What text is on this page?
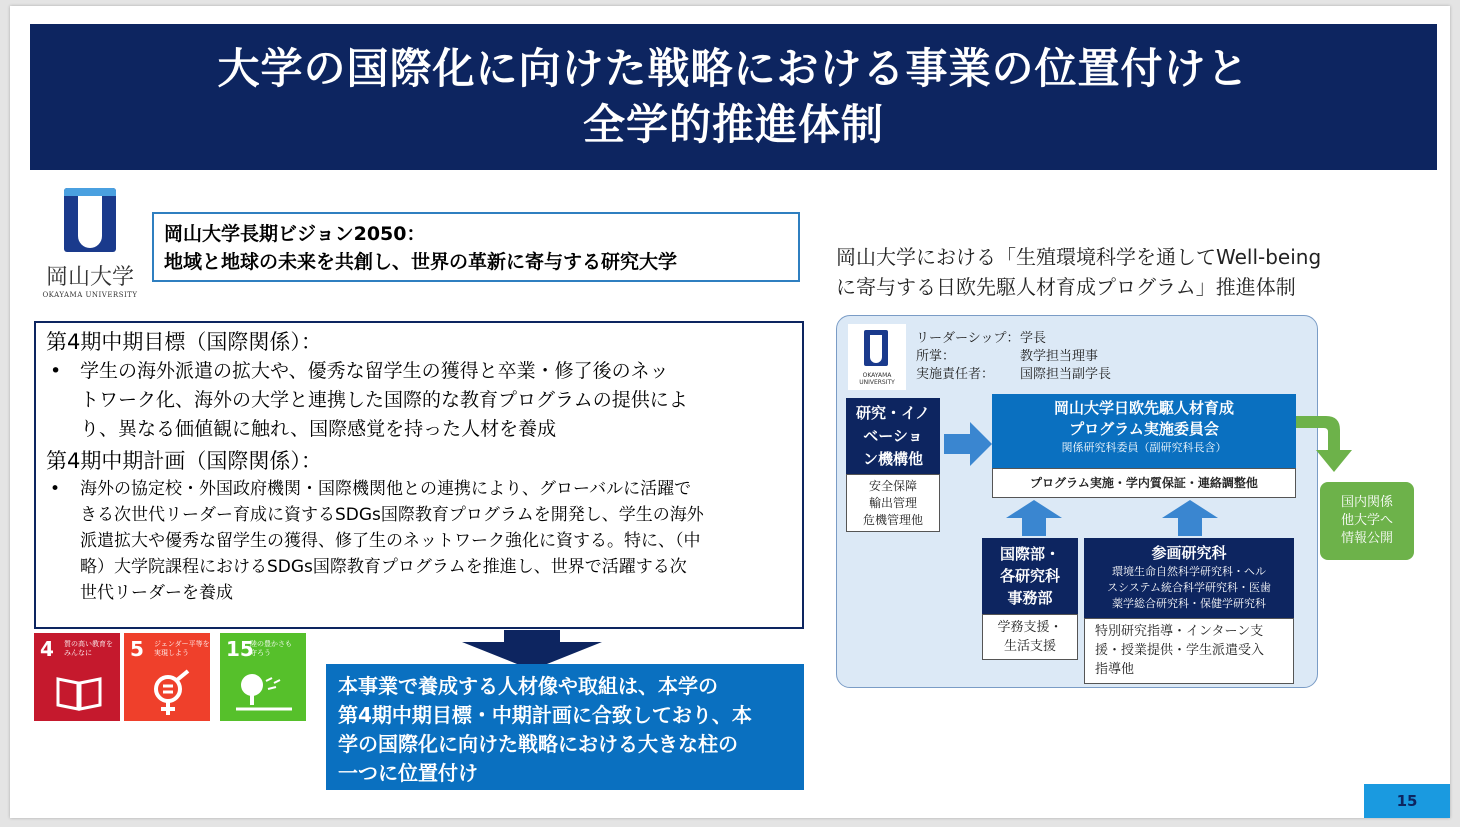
大学の国際化に向けた戦略における事業の位置付けと
全学的推進体制
岡山大学
OKAYAMA UNIVERSITY
岡山大学長期ビジョン2050：
地域と地球の未来を共創し、世界の革新に寄与する研究大学
第4期中期目標（国際関係）：
• 学生の海外派遣の拡大や、優秀な留学生の獲得と卒業・修了後のネッ
トワーク化、海外の大学と連携した国際的な教育プログラムの提供によ
り、異なる価値観に触れ、国際感覚を持った人材を養成
第4期中期計画（国際関係）：
• 海外の協定校・外国政府機関・国際機関他との連携により、グローバルに活躍で
きる次世代リーダー育成に資するSDGs国際教育プログラムを開発し、学生の海外
派遣拡大や優秀な留学生の獲得、修了生のネットワーク強化に資する。特に、（中
略）大学院課程におけるSDGs国際教育プログラムを推進し、世界で活躍する次
世代リーダーを養成
4 質の高い教育を
みんなに	5 ジェンダー平等を
実現しよう	15
陸の豊かさも
守ろう
本事業で養成する人材像や取組は、本学の
第4期中期目標・中期計画に合致しており、本
学の国際化に向けた戦略における大きな柱の
一つに位置付け
岡山大学における「生殖環境科学を通してWell-being
に寄与する日欧先駆人材育成プログラム」推進体制
OKAYAMA UNIVERSITY
リーダーシップ： 学長
所掌：	教学担当理事
実施責任者： 国際担当副学長
研究・イノ
ベーショ
ン機構他
安全保障
輸出管理
危機管理他
岡山大学日欧先駆人材育成
プログラム実施委員会
関係研究科委員（副研究科長含）
プログラム実施・学内質保証・連絡調整他
国内関係
他大学へ
情報公開
国際部・
各研究科
事務部
学務支援・
生活支援
参画研究科
環境生命自然科学研究科・ヘル
スシステム統合科学研究科・医歯
薬学総合研究科・保健学研究科
特別研究指導・インターン支
援・授業提供・学生派遣受入
指導他
15
